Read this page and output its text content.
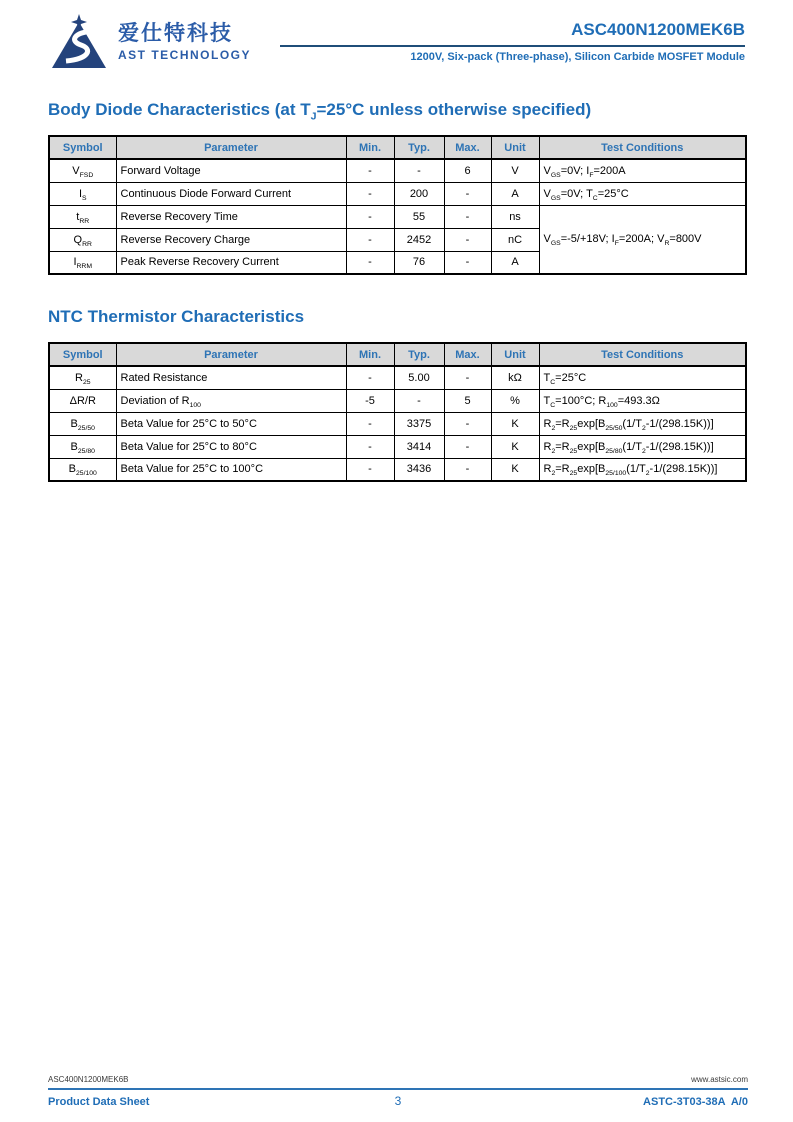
爱仕特科技
AST TECHNOLOGY
ASC400N1200MEK6B
1200V, Six-pack (Three-phase), Silicon Carbide MOSFET Module
Body Diode Characteristics (at $T_J=25^\circ C$ unless otherwise specified)
Symbol	Parameter	Min.	Typ.	Max.	Unit	Test Conditions
$V_{FSD}$	Forward Voltage	-	-	6	V	$V_{GS}=0V$; $I_F=200A$
$I_S$	Continuous Diode Forward Current	-	200	-	A	$V_{GS}=0V$; $T_C=25^\circ C$
$t_{RR}$	Reverse Recovery Time	-	55	-	ns	$V_{GS}=-5/+18V$; $I_F=200A$; $V_R=800V$
$Q_{RR}$	Reverse Recovery Charge	-	2452	-	nC	
$I_{RRM}$	Peak Reverse Recovery Current	-	76	-	A	
NTC Thermistor Characteristics
Symbol	Parameter	Min.	Typ.	Max.	Unit	Test Conditions
$R_{25}$	Rated Resistance	-	5.00	-	kΩ	$T_C=25^\circ C$
ΔR/R	Deviation of $R_{100}$	-5	-	5	%	$T_C=100^\circ C$; $R_{100}=493.3\Omega$
$B_{25/50}$	Beta Value for 25°C to 50°C	-	3375	-	K	$R_2=R_{25}\exp[B_{25/50}(1/T_2-1/(298.15K))]$
$B_{25/80}$	Beta Value for 25°C to 80°C	-	3414	-	K	$R_2=R_{25}\exp[B_{25/80}(1/T_2-1/(298.15K))]$
$B_{25/100}$	Beta Value for 25°C to 100°C	-	3436	-	K	$R_2=R_{25}\exp[B_{25/100}(1/T_2-1/(298.15K))]$
ASC400N1200MEK6B	www.astsic.com
Product Data Sheet	3	ASTC-3T03-38A  A/0
